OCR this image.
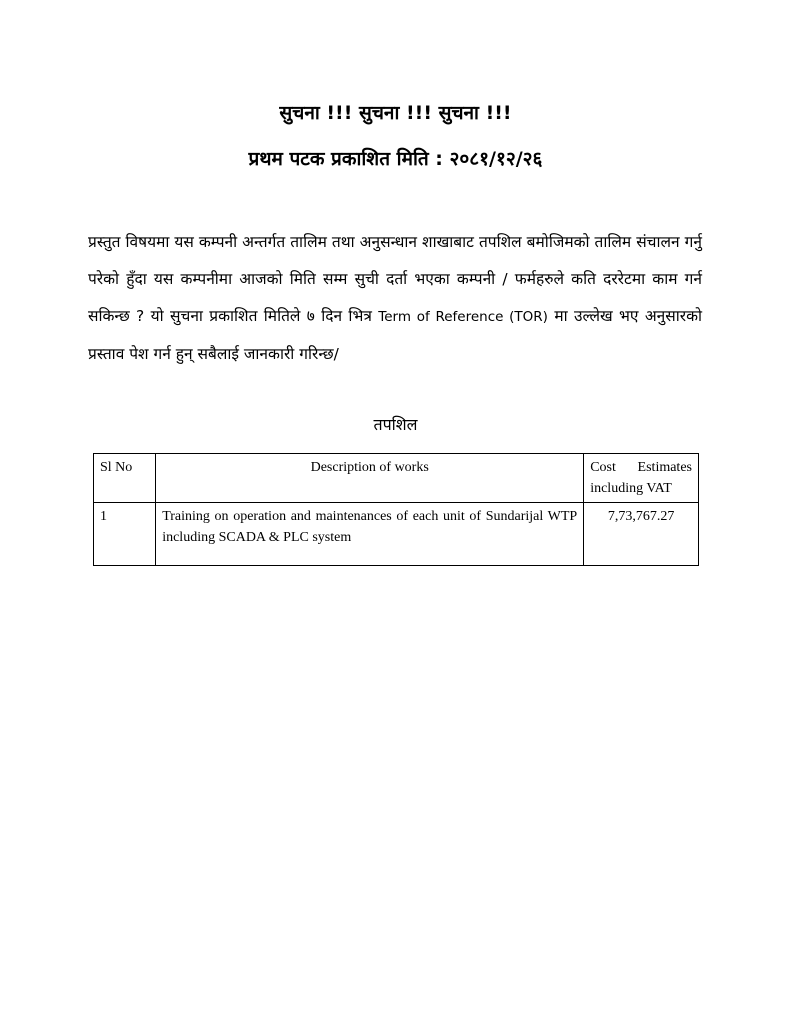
सुचना !!! सुचना !!! सुचना !!!
प्रथम पटक प्रकाशित मिति : २०८१/१२/२६

प्रस्तुत विषयमा यस कम्पनी अन्तर्गत तालिम तथा अनुसन्धान शाखाबाट तपशिल बमोजिमको तालिम संचालन गर्नु परेको हुँदा यस कम्पनीमा आजको मिति सम्म सुची दर्ता भएका कम्पनी / फर्महरुले कति दररेटमा काम गर्न सकिन्छ ? यो सुचना प्रकाशित मितिले ७ दिन भित्र Term of Reference (TOR) मा उल्लेख भए अनुसारको प्रस्ताव पेश गर्न हुन् सबैलाई जानकारी गरिन्छ/

तपशिल
Sl No	Description of works	Cost Estimates including VAT
1	Training on operation and maintenances of each unit of Sundarijal WTP including SCADA & PLC system	7,73,767.27
